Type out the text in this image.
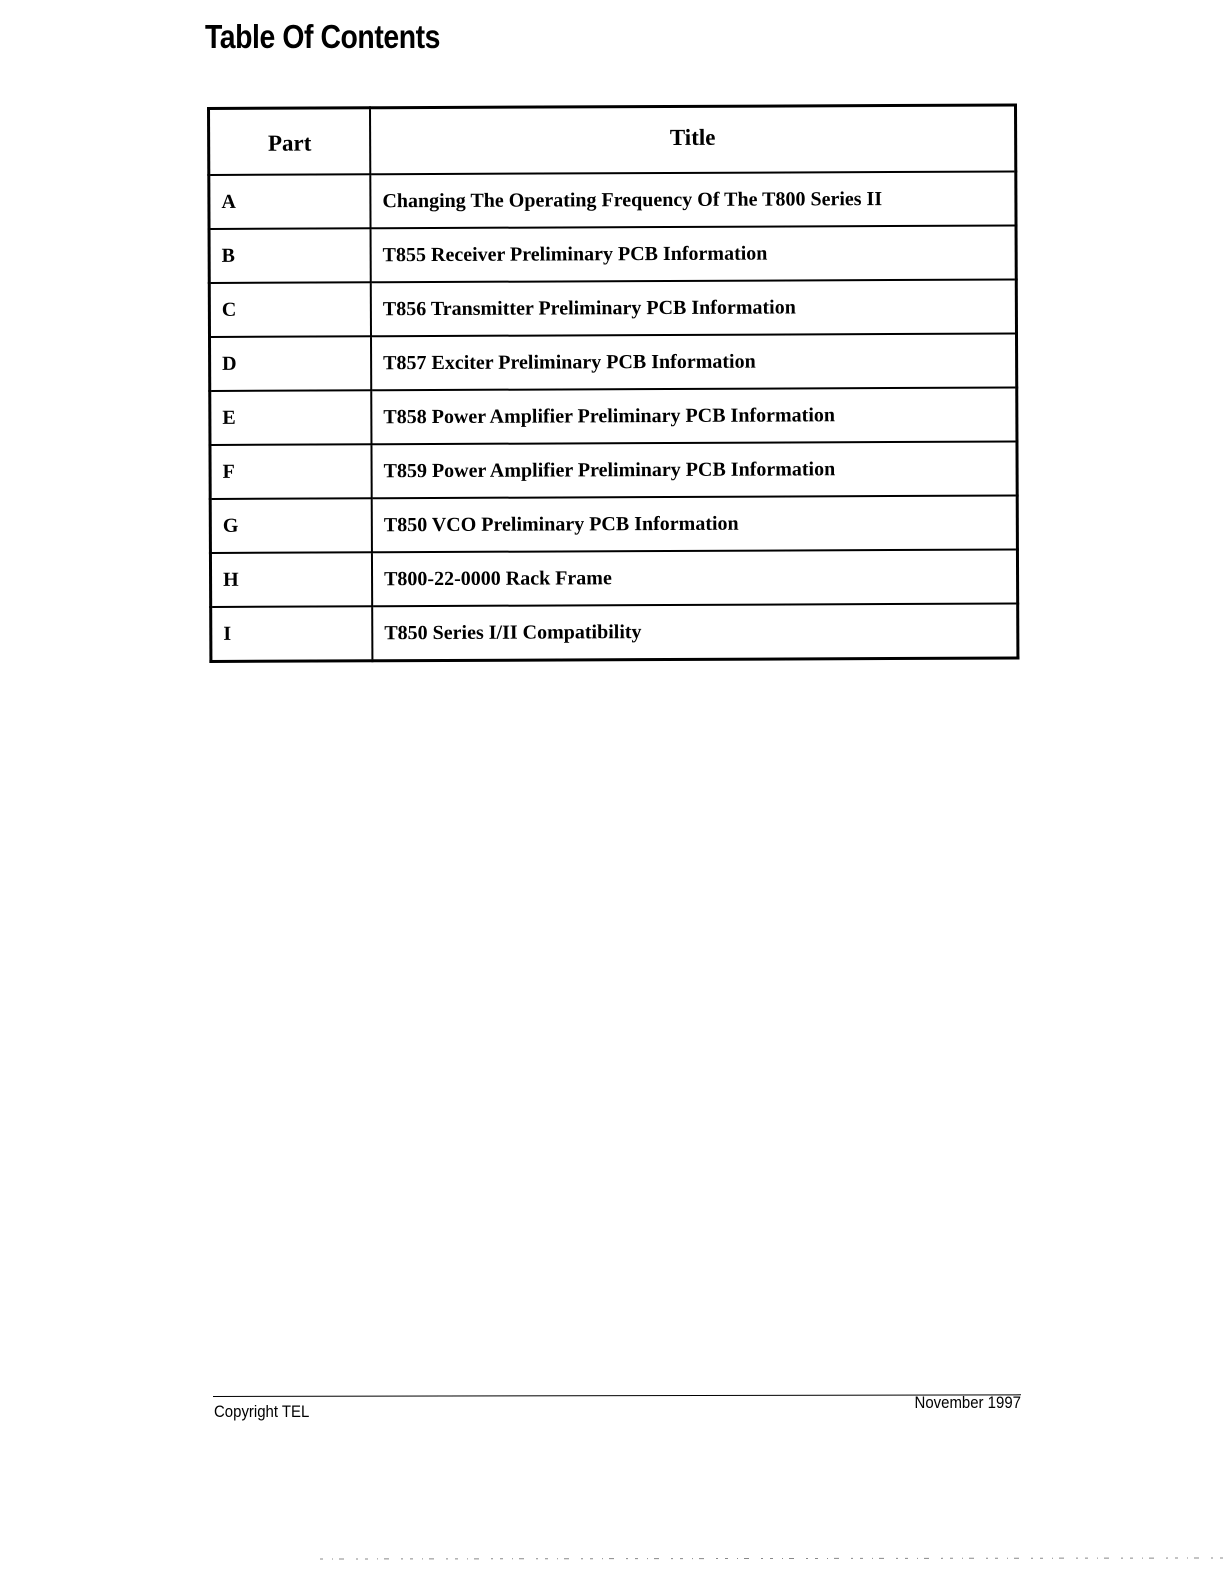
Table Of Contents
Part	Title
A	Changing The Operating Frequency Of The T800 Series II
B	T855 Receiver Preliminary PCB Information
C	T856 Transmitter Preliminary PCB Information
D	T857 Exciter Preliminary PCB Information
E	T858 Power Amplifier Preliminary PCB Information
F	T859 Power Amplifier Preliminary PCB Information
G	T850 VCO Preliminary PCB Information
H	T800-22-0000 Rack Frame
I	T850 Series I/II Compatibility
Copyright TEL	November 1997
